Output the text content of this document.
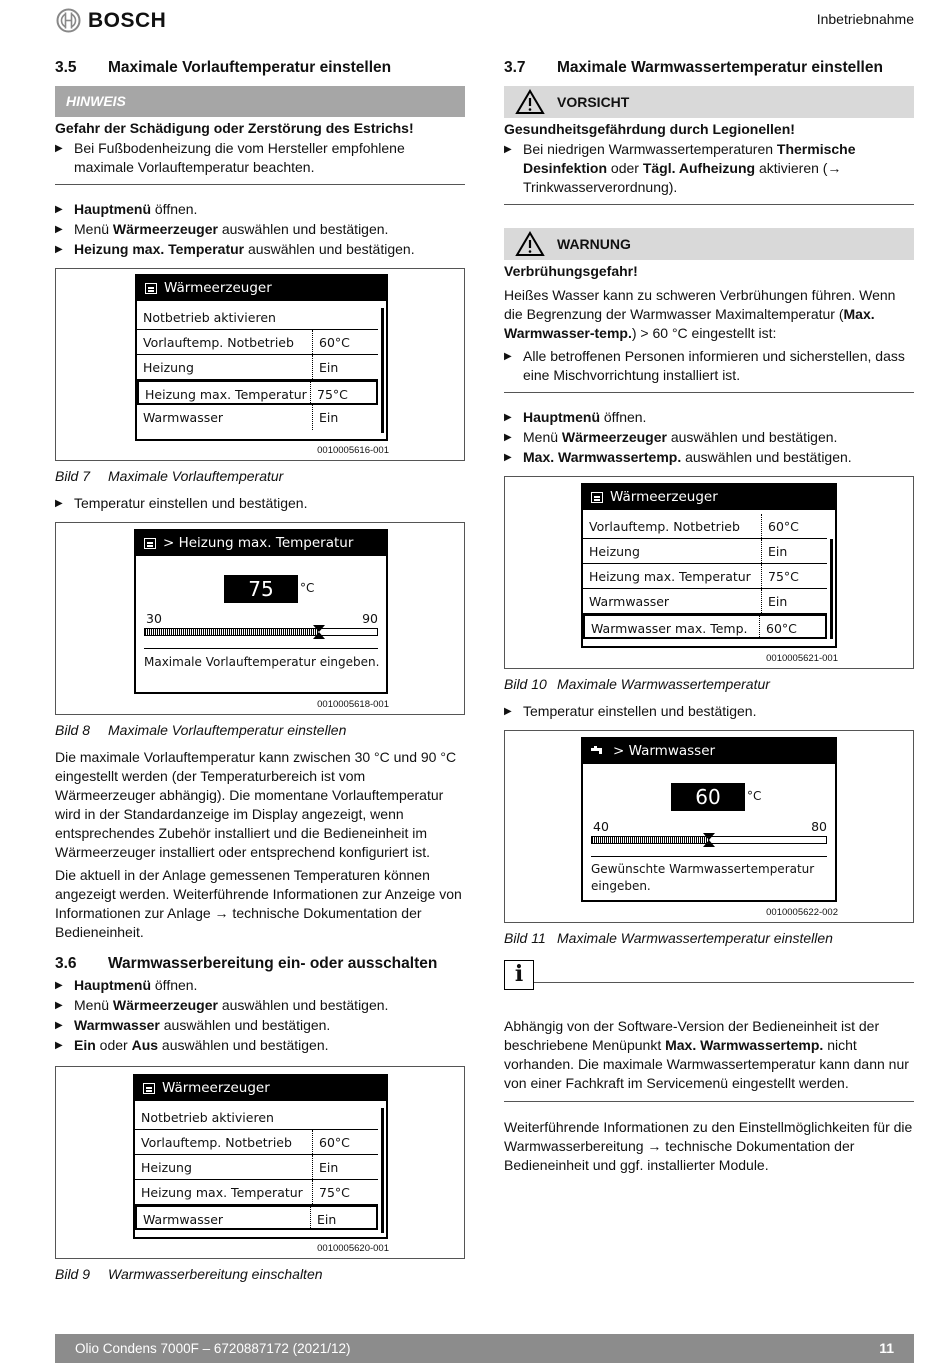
BOSCH	Inbetriebnahme
3.5	Maximale Vorlauftemperatur einstellen
HINWEIS
Gefahr der Schädigung oder Zerstörung des Estrichs!
▶ Bei Fußbodenheizung die vom Hersteller empfohlene maximale Vorlauftemperatur beachten.
▶ Hauptmenü öffnen.
▶ Menü Wärmeerzeuger auswählen und bestätigen.
▶ Heizung max. Temperatur auswählen und bestätigen.
Wärmeerzeuger
Notbetrieb aktivieren
Vorlauftemp. Notbetrieb	60°C
Heizung	Ein
Heizung max. Temperatur 75°C
Warmwasser	Ein
0010005616-001
Bild 7	Maximale Vorlauftemperatur
▶ Temperatur einstellen und bestätigen.
> Heizung max. Temperatur
75	°C
30	90
Maximale Vorlauftemperatur eingeben.
0010005618-001
Bild 8	Maximale Vorlauftemperatur einstellen

Die maximale Vorlauftemperatur kann zwischen 30 °C und 90 °C eingestellt werden (der Temperaturbereich ist vom Wärmeerzeuger abhängig). Die momentane Vorlauftemperatur wird in der Standardanzeige im Display angezeigt, wenn entsprechendes Zubehör installiert und die Bedieneinheit im Wärmeerzeuger installiert oder entsprechend konfiguriert ist.

Die aktuell in der Anlage gemessenen Temperaturen können angezeigt werden. Weiterführende Informationen zur Anzeige von Informationen zur Anlage → technische Dokumentation der Bedieneinheit.

3.6	Warmwasserbereitung ein- oder ausschalten
▶ Hauptmenü öffnen.
▶ Menü Wärmeerzeuger auswählen und bestätigen.
▶ Warmwasser auswählen und bestätigen.
▶ Ein oder Aus auswählen und bestätigen.
Wärmeerzeuger
Notbetrieb aktivieren
Vorlauftemp. Notbetrieb	60°C
Heizung	Ein
Heizung max. Temperatur	75°C
Warmwasser	Ein
0010005620-001
Bild 9	Warmwasserbereitung einschalten
3.7	Maximale Warmwassertemperatur einstellen
VORSICHT
Gesundheitsgefährdung durch Legionellen!
▶ Bei niedrigen Warmwassertemperaturen Thermische Desinfektion oder Tägl. Aufheizung aktivieren (→ Trinkwasserverordnung).
WARNUNG
Verbrühungsgefahr!

Heißes Wasser kann zu schweren Verbrühungen führen. Wenn die Begrenzung der Warmwasser Maximaltemperatur (Max. Warmwasser-temp.) > 60 °C eingestellt ist:

▶ Alle betroffenen Personen informieren und sicherstellen, dass eine Mischvorrichtung installiert ist.
▶ Hauptmenü öffnen.
▶ Menü Wärmeerzeuger auswählen und bestätigen.
▶ Max. Warmwassertemp. auswählen und bestätigen.
Wärmeerzeuger
Vorlauftemp. Notbetrieb	60°C
Heizung	Ein
Heizung max. Temperatur	75°C
Warmwasser	Ein
Warmwasser max. Temp.	60°C
0010005621-001
Bild 10 Maximale Warmwassertemperatur
▶ Temperatur einstellen und bestätigen.
> Warmwasser
60	°C
40	80
Gewünschte Warmwassertemperatur eingeben.
0010005622-002
Bild 11 Maximale Warmwassertemperatur einstellen
i

Abhängig von der Software-Version der Bedieneinheit ist der beschriebene Menüpunkt Max. Warmwassertemp. nicht vorhanden. Die maximale Warmwassertemperatur kann dann nur von einer Fachkraft im Servicemenü eingestellt werden.

Weiterführende Informationen zu den Einstellmöglichkeiten für die Warmwasserbereitung → technische Dokumentation der Bedieneinheit und ggf. installierter Module.

Olio Condens 7000F – 6720887172 (2021/12)	11
